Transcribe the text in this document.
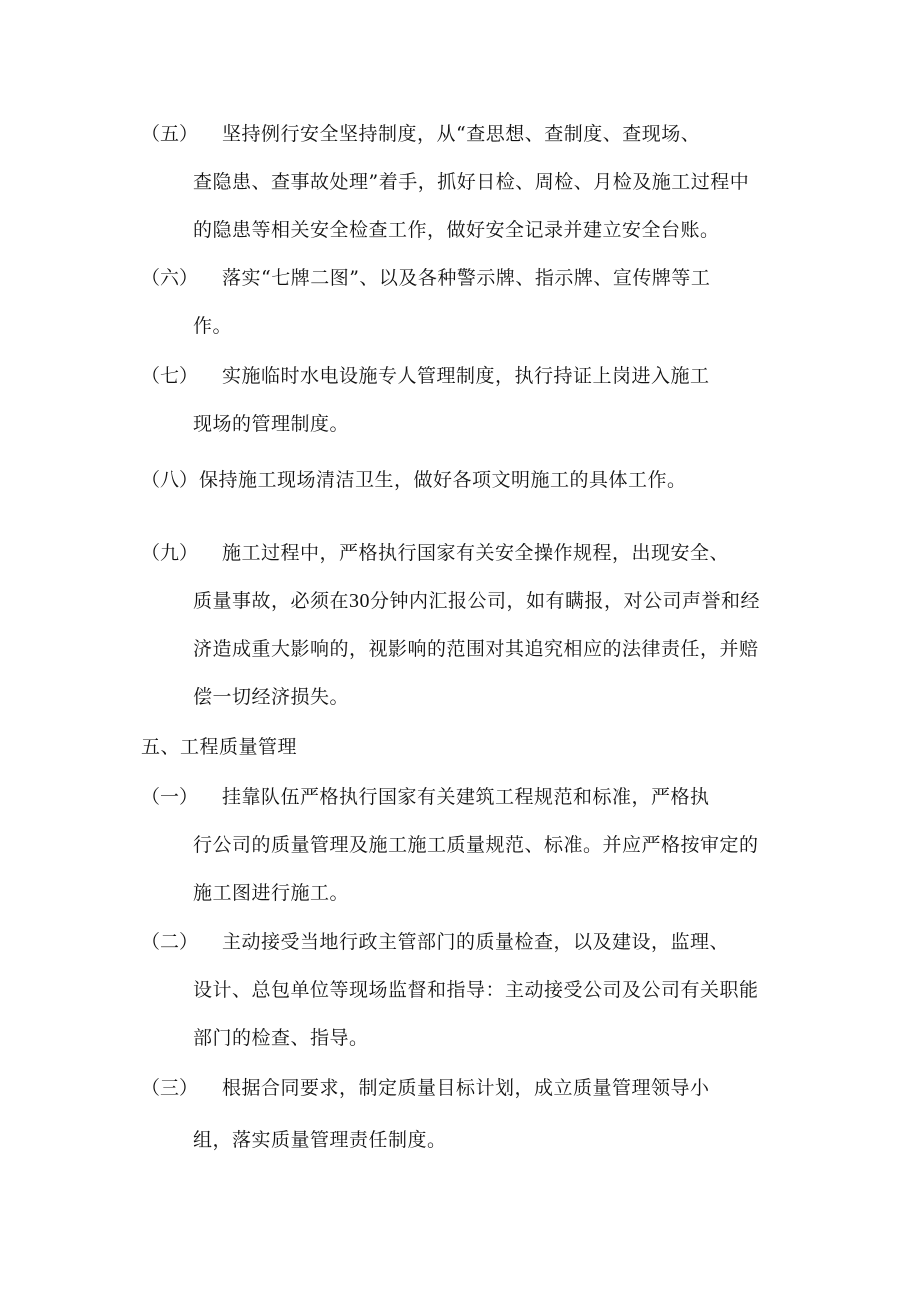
（五） 坚持例行安全坚持制度，从“查思想、查制度、查现场、
查隐患、查事故处理”着手，抓好日检、周检、月检及施工过程中
的隐患等相关安全检查工作，做好安全记录并建立安全台账。
（六） 落实“七牌二图”、以及各种警示牌、指示牌、宣传牌等工
作。
（七） 实施临时水电设施专人管理制度，执行持证上岗进入施工
现场的管理制度。
（八） 保持施工现场清洁卫生，做好各项文明施工的具体工作。
（九） 施工过程中，严格执行国家有关安全操作规程，出现安全、
质量事故，必须在30分钟内汇报公司，如有瞒报，对公司声誉和经
济造成重大影响的，视影响的范围对其追究相应的法律责任，并赔
偿一切经济损失。
五、工程质量管理
（一） 挂靠队伍严格执行国家有关建筑工程规范和标准，严格执
行公司的质量管理及施工施工质量规范、标准。并应严格按审定的
施工图进行施工。
（二） 主动接受当地行政主管部门的质量检查，以及建设，监理、
设计、总包单位等现场监督和指导：主动接受公司及公司有关职能
部门的检查、指导。
（三） 根据合同要求，制定质量目标计划，成立质量管理领导小
组，落实质量管理责任制度。
